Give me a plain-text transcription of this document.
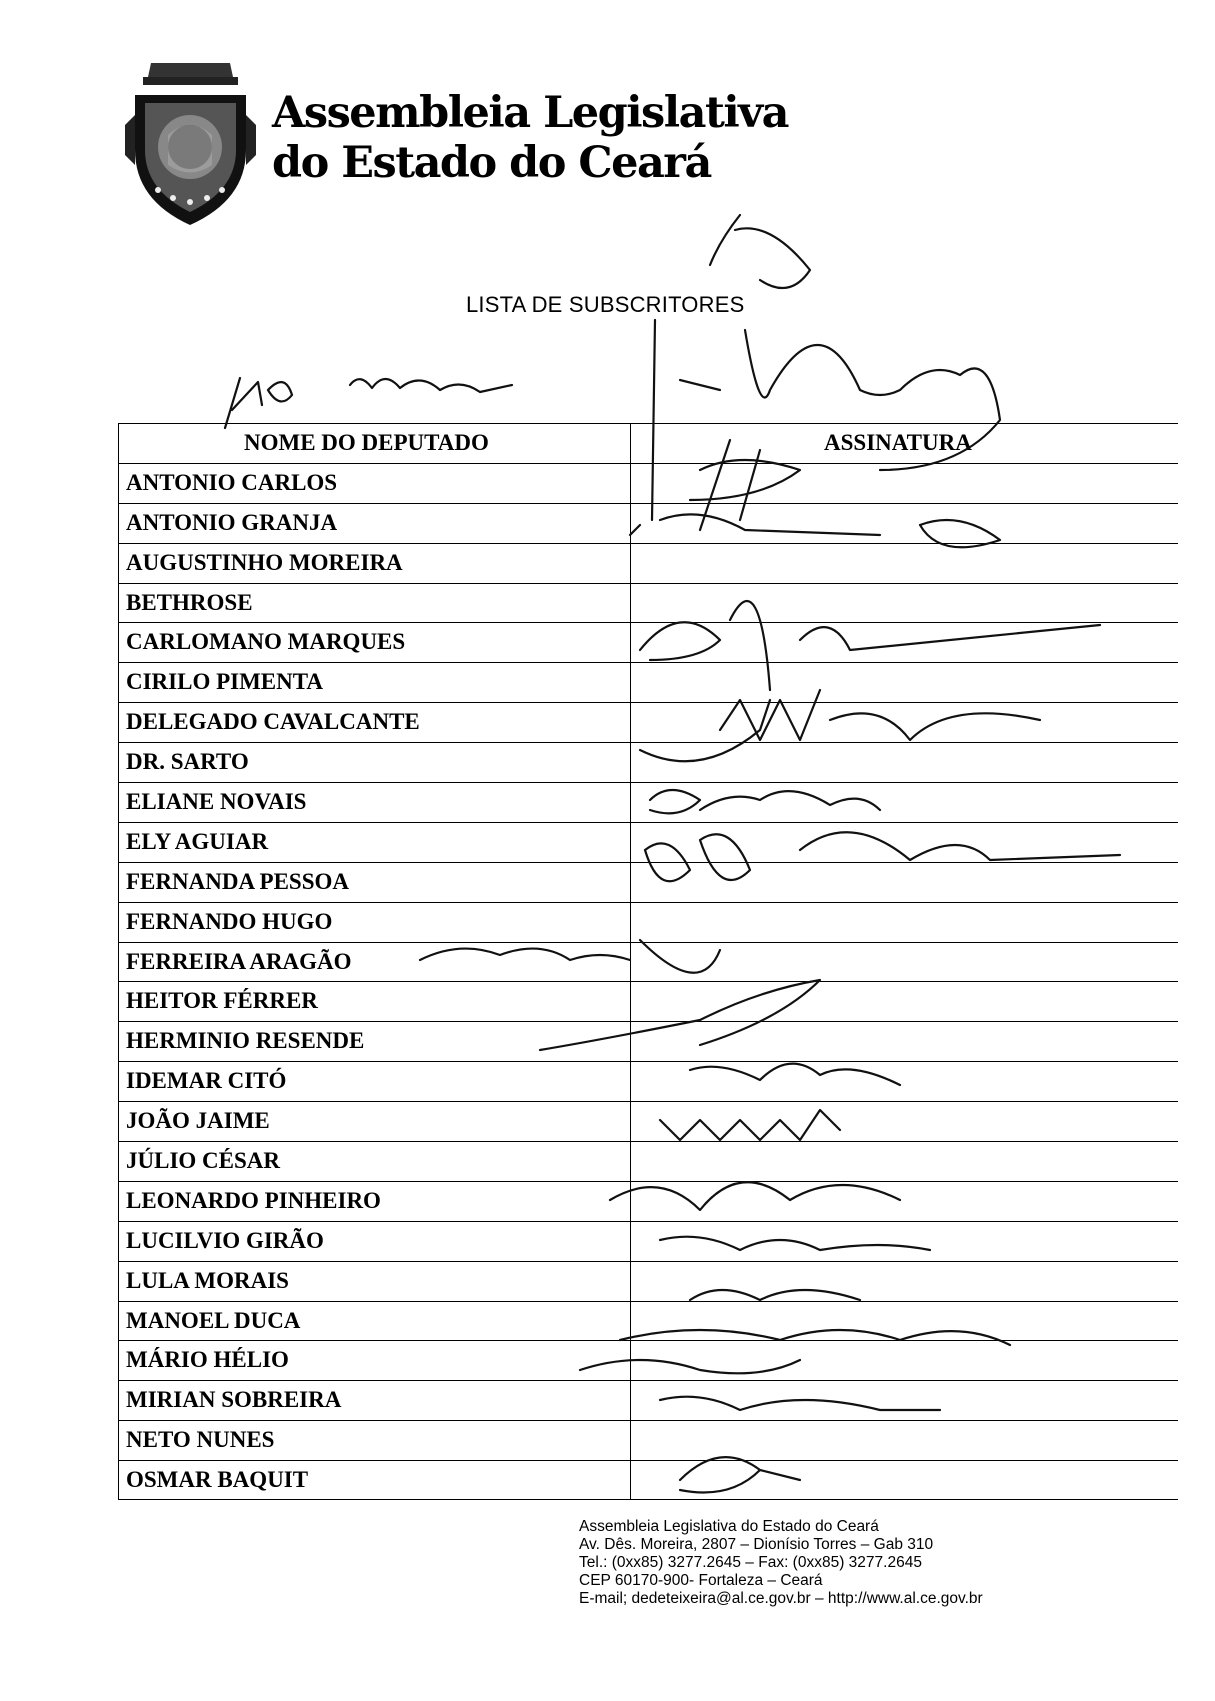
Assembleia Legislativa
do Estado do Ceará
LISTA DE SUBSCRITORES
NOME DO DEPUTADO	ASSINATURA
ANTONIO CARLOS
ANTONIO GRANJA
AUGUSTINHO MOREIRA
BETHROSE
CARLOMANO MARQUES
CIRILO PIMENTA
DELEGADO CAVALCANTE
DR. SARTO
ELIANE NOVAIS
ELY AGUIAR
FERNANDA PESSOA
FERNANDO HUGO
FERREIRA ARAGÃO
HEITOR FÉRRER
HERMINIO RESENDE
IDEMAR CITÓ
JOÃO JAIME
JÚLIO CÉSAR
LEONARDO PINHEIRO
LUCILVIO GIRÃO
LULA MORAIS
MANOEL DUCA
MÁRIO HÉLIO
MIRIAN SOBREIRA
NETO NUNES
OSMAR BAQUIT
Assembleia Legislativa do Estado do Ceará
Av. Dês. Moreira, 2807 – Dionísio Torres – Gab 310
Tel.: (0xx85) 3277.2645 – Fax: (0xx85) 3277.2645
CEP 60170-900- Fortaleza – Ceará
E-mail; dedeteixeira@al.ce.gov.br – http://www.al.ce.gov.br
